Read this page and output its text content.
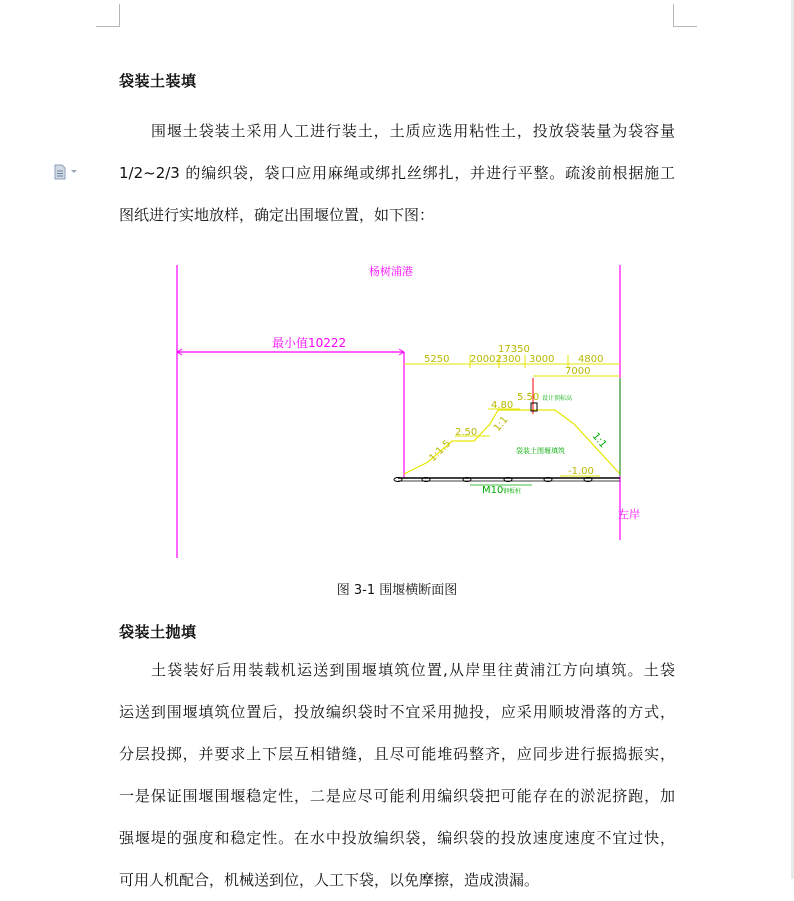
袋装土装填
围堰土袋装土采用人工进行装土，土质应选用粘性土，投放袋装量为袋容量
1/2~2/3 的编织袋，袋口应用麻绳或绑扎丝绑扎，并进行平整。疏浚前根据施工
图纸进行实地放样，确定出围堰位置，如下图：
杨树浦港
最小值10222
左岸
17350
5250 20002300 3000 4800
7000
2.50
4.80
5.50 设计顶标高
1:1
1:1.5	1:1
袋装土围堰填筑
-1.00
M10 钢板桩
图 3-1 围堰横断面图
袋装土抛填
土袋装好后用装载机运送到围堰填筑位置,从岸里往黄浦江方向填筑。土袋
运送到围堰填筑位置后，投放编织袋时不宜采用抛投，应采用顺坡滑落的方式，
分层投掷，并要求上下层互相错缝，且尽可能堆码整齐，应同步进行振捣振实，
一是保证围堰围堰稳定性，二是应尽可能利用编织袋把可能存在的淤泥挤跑，加
强堰堤的强度和稳定性。在水中投放编织袋，编织袋的投放速度速度不宜过快，
可用人机配合，机械送到位，人工下袋，以免摩擦，造成溃漏。
